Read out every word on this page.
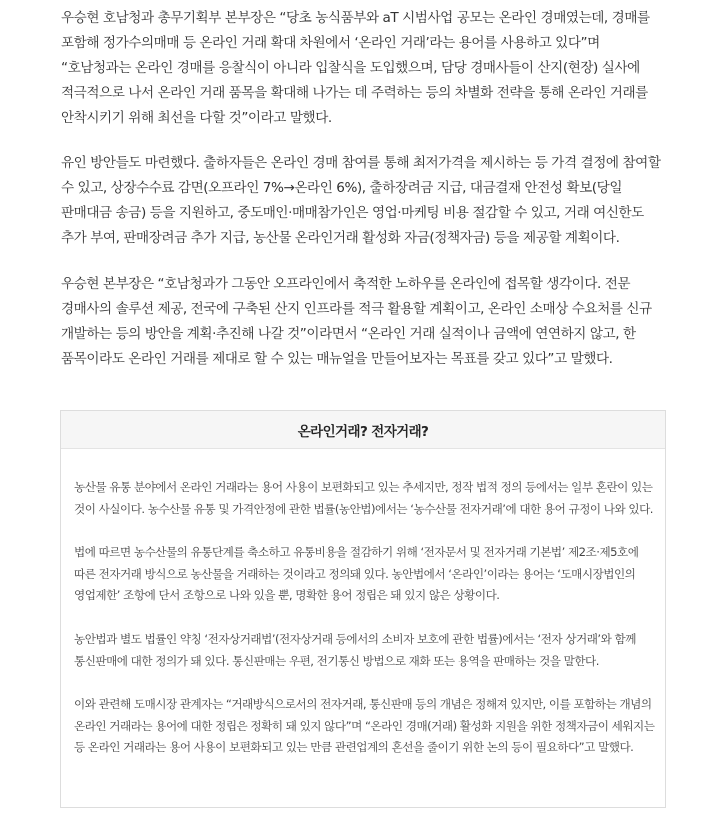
우승현 호남청과 총무기획부 본부장은 “당초 농식품부와 aT 시범사업 공모는 온라인 경매였는데, 경매를 포함해 정가수의매매 등 온라인 거래 확대 차원에서 ‘온라인 거래’라는 용어를 사용하고 있다”며 “호남청과는 온라인 경매를 응찰식이 아니라 입찰식을 도입했으며, 담당 경매사들이 산지(현장) 실사에 적극적으로 나서 온라인 거래 품목을 확대해 나가는 데 주력하는 등의 차별화 전략을 통해 온라인 거래를 안착시키기 위해 최선을 다할 것”이라고 말했다.

유인 방안들도 마련했다. 출하자들은 온라인 경매 참여를 통해 최저가격을 제시하는 등 가격 결정에 참여할 수 있고, 상장수수료 감면(오프라인 7%→온라인 6%), 출하장려금 지급, 대금결재 안전성 확보(당일 판매대금 송금) 등을 지원하고, 중도매인·매매참가인은 영업·마케팅 비용 절감할 수 있고, 거래 여신한도 추가 부여, 판매장려금 추가 지급, 농산물 온라인거래 활성화 자금(정책자금) 등을 제공할 계획이다.

우승현 본부장은 “호남청과가 그동안 오프라인에서 축적한 노하우를 온라인에 접목할 생각이다. 전문 경매사의 솔루션 제공, 전국에 구축된 산지 인프라를 적극 활용할 계획이고, 온라인 소매상 수요처를 신규 개발하는 등의 방안을 계획·추진해 나갈 것”이라면서 “온라인 거래 실적이나 금액에 연연하지 않고, 한 품목이라도 온라인 거래를 제대로 할 수 있는 매뉴얼을 만들어보자는 목표를 갖고 있다”고 말했다.

온라인거래? 전자거래?

농산물 유통 분야에서 온라인 거래라는 용어 사용이 보편화되고 있는 추세지만, 정작 법적 정의 등에서는 일부 혼란이 있는 것이 사실이다. 농수산물 유통 및 가격안정에 관한 법률(농안법)에서는 ‘농수산물 전자거래’에 대한 용어 규정이 나와 있다.

법에 따르면 농수산물의 유통단계를 축소하고 유통비용을 절감하기 위해 ‘전자문서 및 전자거래 기본법’ 제2조·제5호에 따른 전자거래 방식으로 농산물을 거래하는 것이라고 정의돼 있다. 농안법에서 ‘온라인’이라는 용어는 ‘도매시장법인의 영업제한’ 조항에 단서 조항으로 나와 있을 뿐, 명확한 용어 정립은 돼 있지 않은 상황이다.

농안법과 별도 법률인 약칭 ‘전자상거래법’(전자상거래 등에서의 소비자 보호에 관한 법률)에서는 ‘전자 상거래’와 함께 통신판매에 대한 정의가 돼 있다. 통신판매는 우편, 전기통신 방법으로 재화 또는 용역을 판매하는 것을 말한다.

이와 관련해 도매시장 관계자는 “거래방식으로서의 전자거래, 통신판매 등의 개념은 정해져 있지만, 이를 포함하는 개념의 온라인 거래라는 용어에 대한 정립은 정확히 돼 있지 않다”며 “온라인 경매(거래) 활성화 지원을 위한 정책자금이 세워지는 등 온라인 거래라는 용어 사용이 보편화되고 있는 만큼 관련업계의 혼선을 줄이기 위한 논의 등이 필요하다”고 말했다.
